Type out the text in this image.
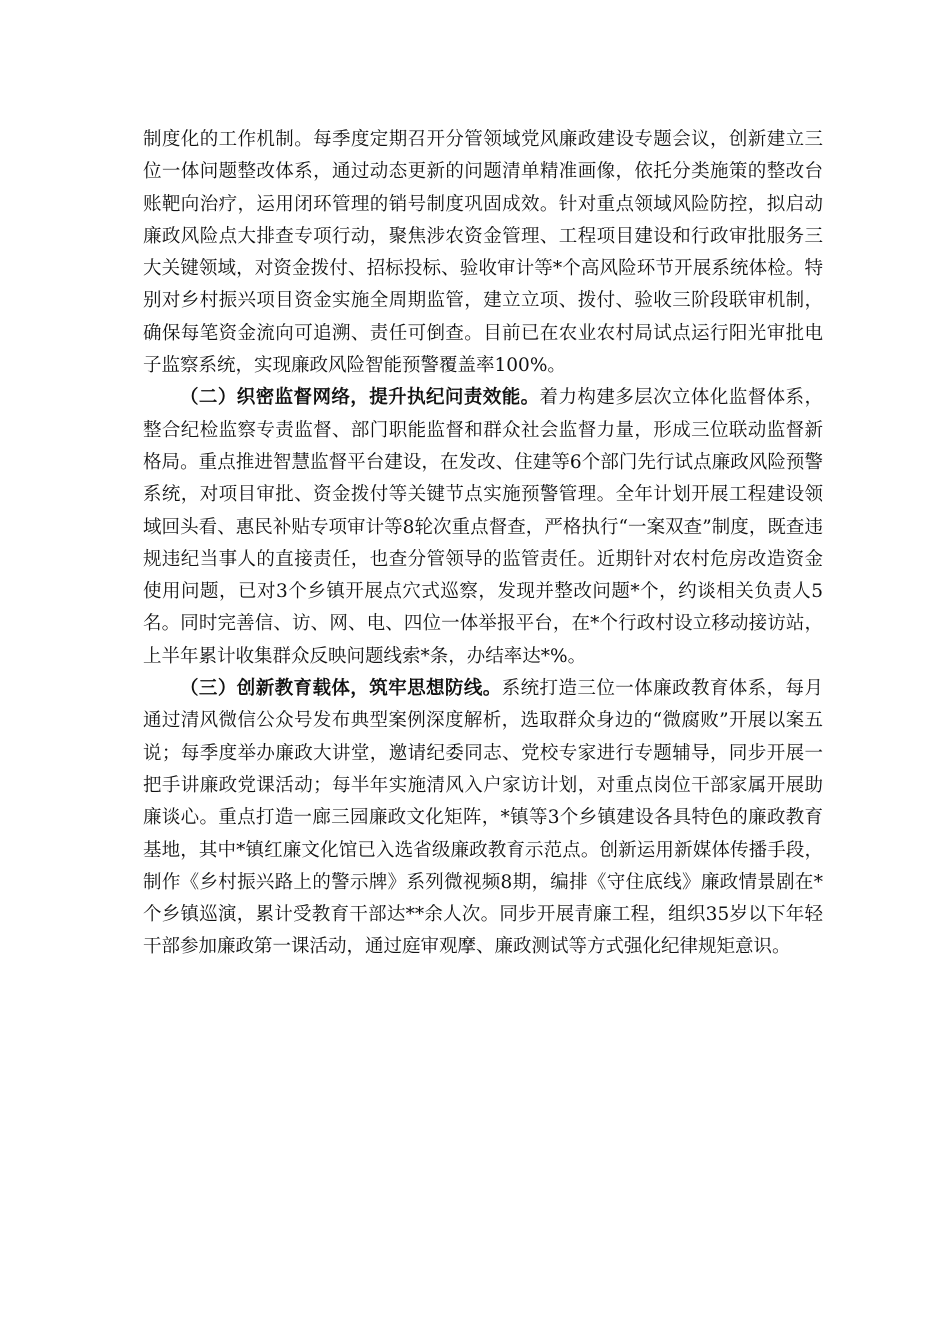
制度化的工作机制。每季度定期召开分管领域党风廉政建设专题会议，创新建立三位一体问题整改体系，通过动态更新的问题清单精准画像，依托分类施策的整改台账靶向治疗，运用闭环管理的销号制度巩固成效。针对重点领域风险防控，拟启动廉政风险点大排查专项行动，聚焦涉农资金管理、工程项目建设和行政审批服务三大关键领域，对资金拨付、招标投标、验收审计等*个高风险环节开展系统体检。特别对乡村振兴项目资金实施全周期监管，建立立项、拨付、验收三阶段联审机制，确保每笔资金流向可追溯、责任可倒查。目前已在农业农村局试点运行阳光审批电子监察系统，实现廉政风险智能预警覆盖率100%。

（二）织密监督网络，提升执纪问责效能。着力构建多层次立体化监督体系，整合纪检监察专责监督、部门职能监督和群众社会监督力量，形成三位联动监督新格局。重点推进智慧监督平台建设，在发改、住建等6个部门先行试点廉政风险预警系统，对项目审批、资金拨付等关键节点实施预警管理。全年计划开展工程建设领域回头看、惠民补贴专项审计等8轮次重点督查，严格执行“一案双查”制度，既查违规违纪当事人的直接责任，也查分管领导的监管责任。近期针对农村危房改造资金使用问题，已对3个乡镇开展点穴式巡察，发现并整改问题*个，约谈相关负责人5名。同时完善信、访、网、电、四位一体举报平台，在*个行政村设立移动接访站，上半年累计收集群众反映问题线索*条，办结率达*%。

（三）创新教育载体，筑牢思想防线。系统打造三位一体廉政教育体系，每月通过清风微信公众号发布典型案例深度解析，选取群众身边的“微腐败”开展以案五说；每季度举办廉政大讲堂，邀请纪委同志、党校专家进行专题辅导，同步开展一把手讲廉政党课活动；每半年实施清风入户家访计划，对重点岗位干部家属开展助廉谈心。重点打造一廊三园廉政文化矩阵，*镇等3个乡镇建设各具特色的廉政教育基地，其中*镇红廉文化馆已入选省级廉政教育示范点。创新运用新媒体传播手段，制作《乡村振兴路上的警示牌》系列微视频8期，编排《守住底线》廉政情景剧在*个乡镇巡演，累计受教育干部达**余人次。同步开展青廉工程，组织35岁以下年轻干部参加廉政第一课活动，通过庭审观摩、廉政测试等方式强化纪律规矩意识。
